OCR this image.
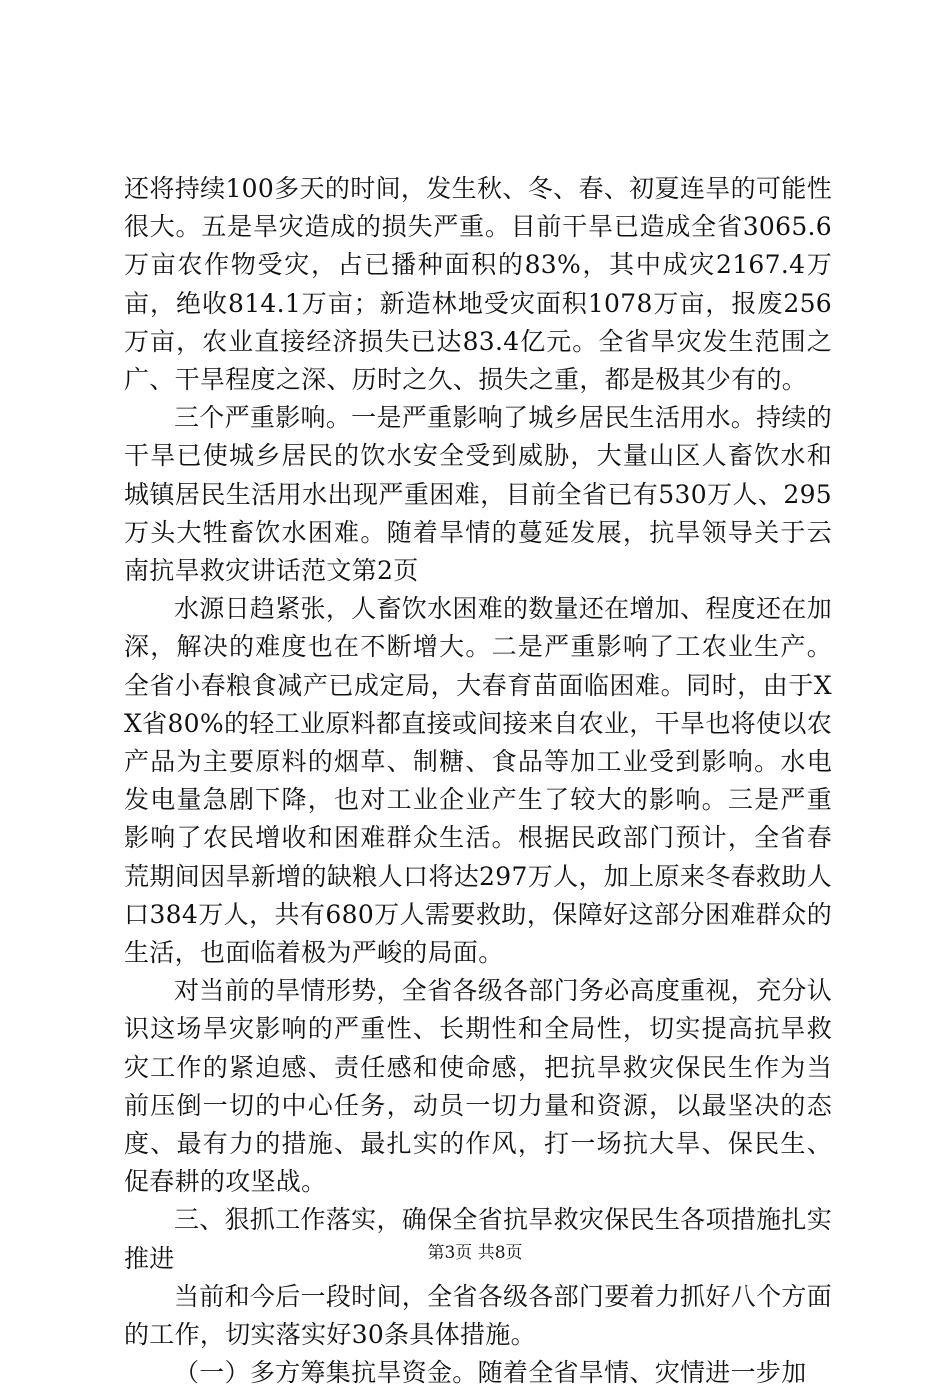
还将持续100多天的时间，发生秋、冬、春、初夏连旱的可能性很大。五是旱灾造成的损失严重。目前干旱已造成全省3065.6万亩农作物受灾，占已播种面积的83%，其中成灾2167.4万亩，绝收814.1万亩；新造林地受灾面积1078万亩，报废256万亩，农业直接经济损失已达83.4亿元。全省旱灾发生范围之广、干旱程度之深、历时之久、损失之重，都是极其少有的。

三个严重影响。一是严重影响了城乡居民生活用水。持续的干旱已使城乡居民的饮水安全受到威胁，大量山区人畜饮水和城镇居民生活用水出现严重困难，目前全省已有530万人、295万头大牲畜饮水困难。随着旱情的蔓延发展，抗旱领导关于云南抗旱救灾讲话范文第2页

水源日趋紧张，人畜饮水困难的数量还在增加、程度还在加深，解决的难度也在不断增大。二是严重影响了工农业生产。全省小春粮食减产已成定局，大春育苗面临困难。同时，由于XX省80%的轻工业原料都直接或间接来自农业，干旱也将使以农产品为主要原料的烟草、制糖、食品等加工业受到影响。水电发电量急剧下降，也对工业企业产生了较大的影响。三是严重影响了农民增收和困难群众生活。根据民政部门预计，全省春荒期间因旱新增的缺粮人口将达297万人，加上原来冬春救助人口384万人，共有680万人需要救助，保障好这部分困难群众的生活，也面临着极为严峻的局面。

对当前的旱情形势，全省各级各部门务必高度重视，充分认识这场旱灾影响的严重性、长期性和全局性，切实提高抗旱救灾工作的紧迫感、责任感和使命感，把抗旱救灾保民生作为当前压倒一切的中心任务，动员一切力量和资源，以最坚决的态度、最有力的措施、最扎实的作风，打一场抗大旱、保民生、促春耕的攻坚战。

三、狠抓工作落实，确保全省抗旱救灾保民生各项措施扎实推进

当前和今后一段时间，全省各级各部门要着力抓好八个方面的工作，切实落实好30条具体措施。

（一）多方筹集抗旱资金。随着全省旱情、灾情进一步加

第3页 共8页
